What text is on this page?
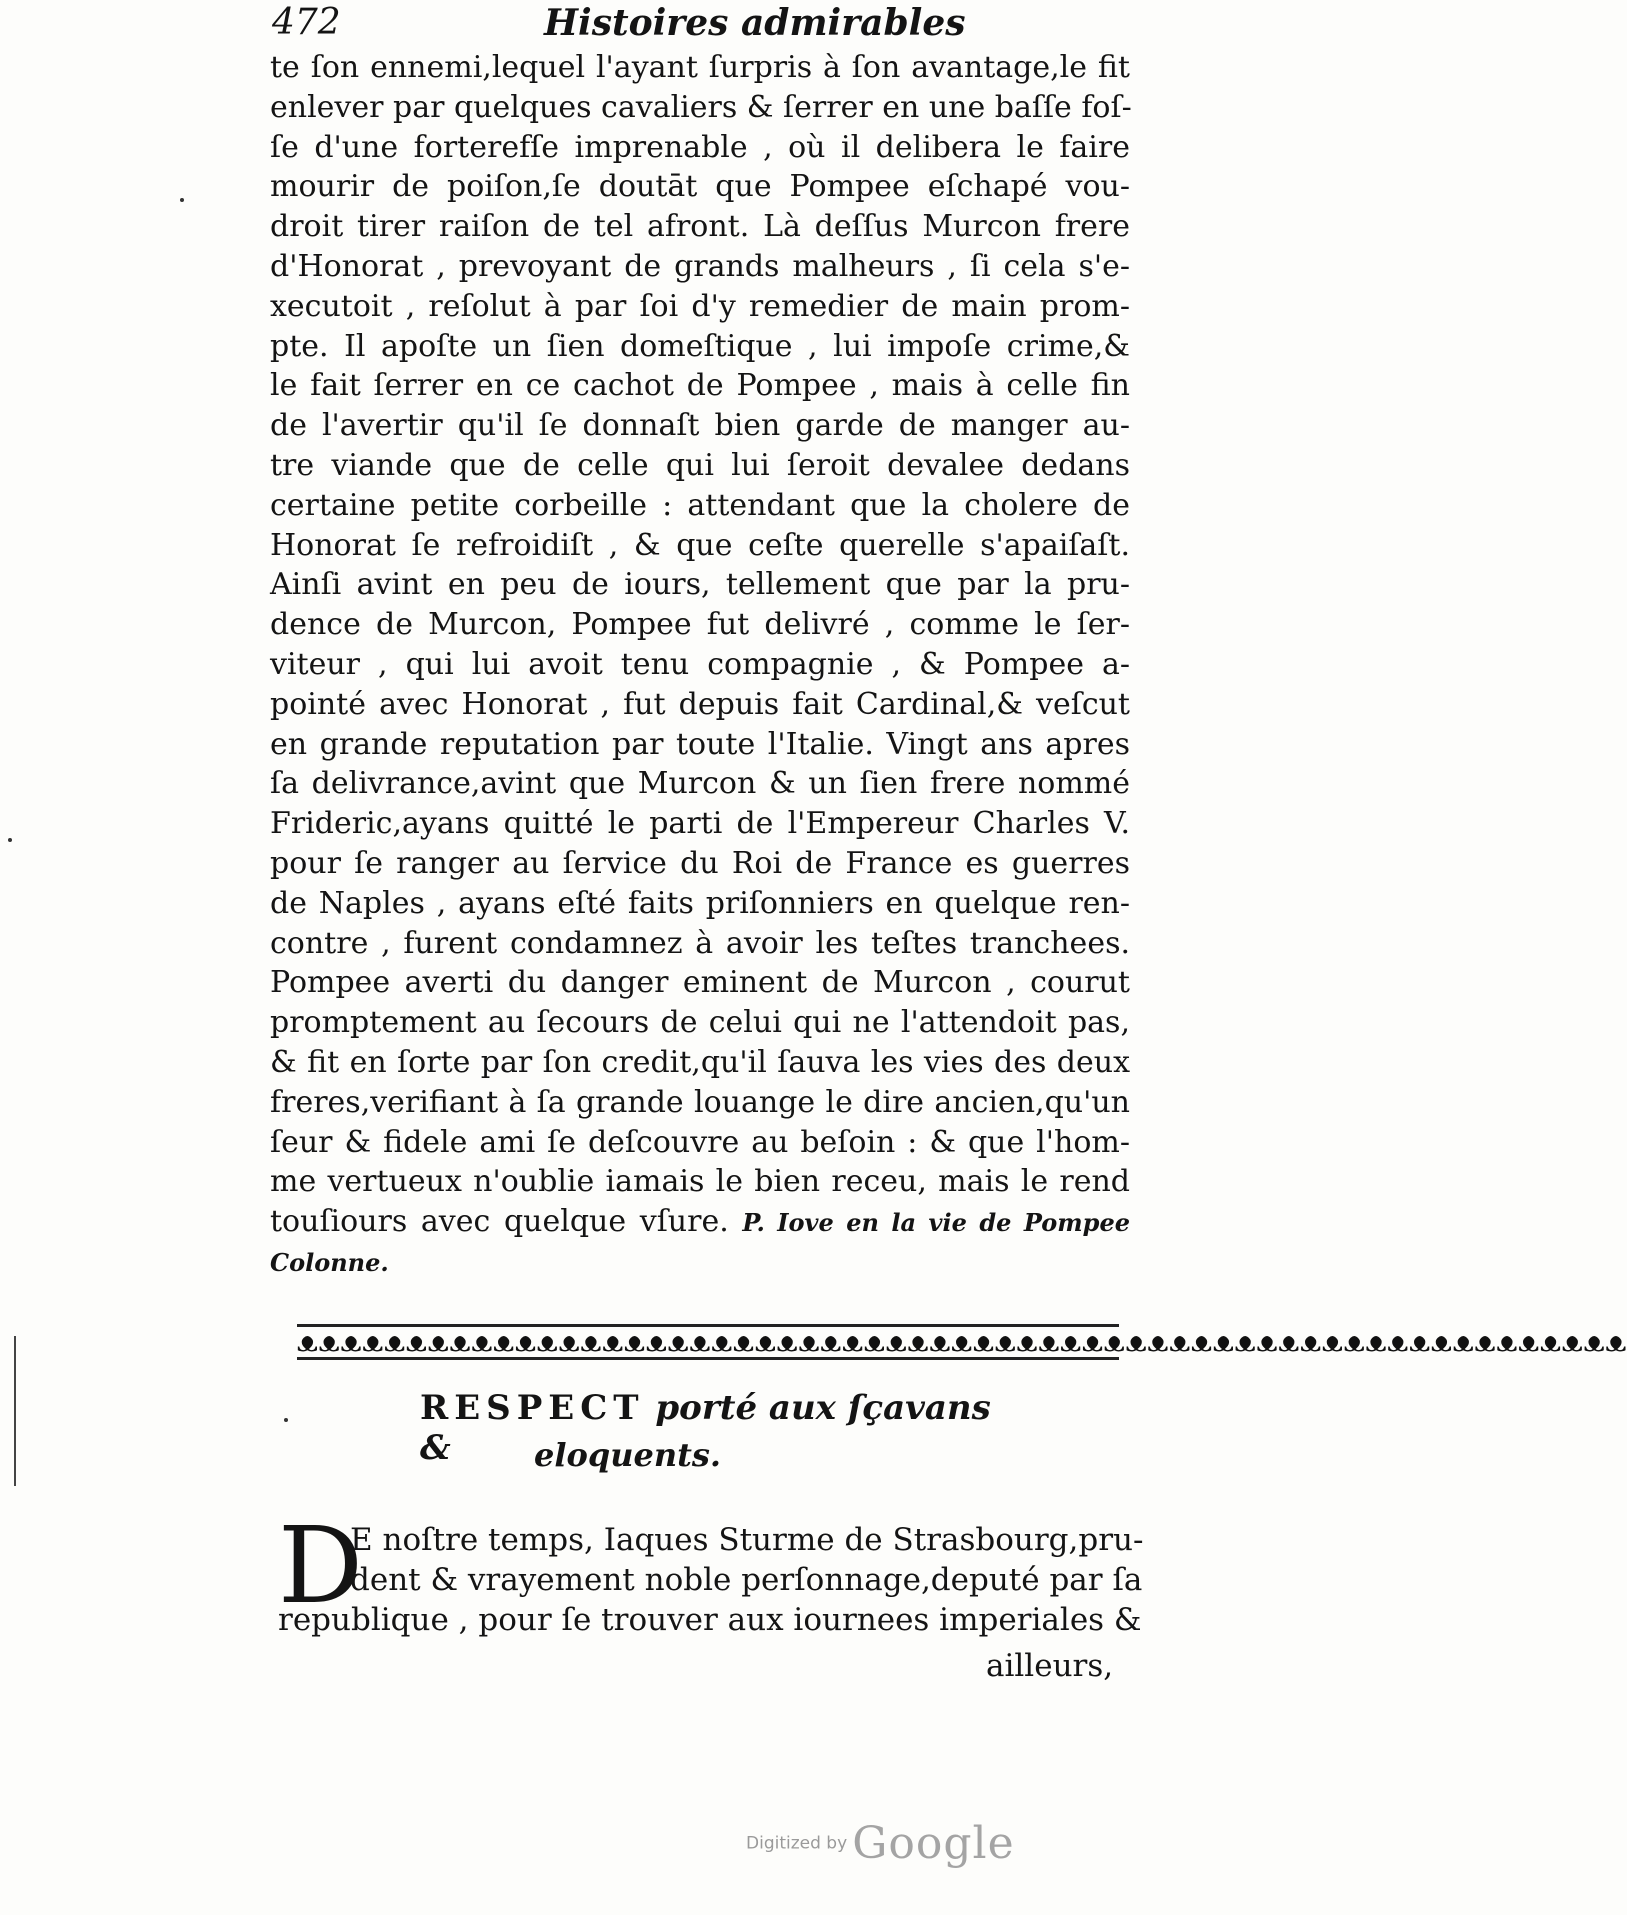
472	Histoires admirables
te ſon ennemi,lequel l'ayant ſurpris à ſon avantage,le fit
enlever par quelques cavaliers & ſerrer en une baſſe foſ-
ſe d'une forterefſe imprenable , où il delibera le faire
mourir de poiſon,ſe doutāt que Pompee eſchapé vou-
droit tirer raiſon de tel afront. Là deſſus Murcon frere
d'Honorat , prevoyant de grands malheurs , ſi cela s'e-
xecutoit , reſolut à par ſoi d'y remedier de main prom-
pte. Il apoſte un ſien domeſtique , lui impoſe crime,&
le fait ſerrer en ce cachot de Pompee , mais à celle fin
de l'avertir qu'il ſe donnaſt bien garde de manger au-
tre viande que de celle qui lui ſeroit devalee dedans
certaine petite corbeille : attendant que la cholere de
Honorat ſe refroidiſt , & que ceſte querelle s'apaiſaſt.
Ainſi avint en peu de iours, tellement que par la pru-
dence de Murcon, Pompee fut delivré , comme le ſer-
viteur , qui lui avoit tenu compagnie , & Pompee a-
pointé avec Honorat , fut depuis fait Cardinal,& veſcut
en grande reputation par toute l'Italie. Vingt ans apres
ſa delivrance,avint que Murcon & un ſien frere nommé
Frideric,ayans quitté le parti de l'Empereur Charles V.
pour ſe ranger au ſervice du Roi de France es guerres
de Naples , ayans eſté faits priſonniers en quelque ren-
contre , furent condamnez à avoir les teſtes tranchees.
Pompee averti du danger eminent de Murcon , courut
promptement au ſecours de celui qui ne l'attendoit pas,
& fit en ſorte par ſon credit,qu'il ſauva les vies des deux
freres,verifiant à ſa grande louange le dire ancien,qu'un
ſeur & fidele ami ſe deſcouvre au beſoin : & que l'hom-
me vertueux n'oublie iamais le bien receu, mais le rend
touſiours avec quelque vſure. P. Iove en la vie de Pompee
Colonne.
ᴥᴥᴥᴥᴥᴥᴥᴥᴥᴥᴥᴥᴥᴥᴥᴥᴥᴥᴥᴥᴥᴥᴥᴥᴥᴥᴥᴥᴥᴥᴥᴥᴥᴥᴥᴥᴥᴥᴥᴥᴥᴥᴥᴥᴥᴥᴥᴥᴥᴥᴥᴥᴥᴥᴥᴥᴥᴥᴥᴥᴥ
RESPECT porté aux ſçavans &	eloquents.
D
E noſtre temps, Iaques Sturme de Strasbourg,pru-
dent & vrayement noble perſonnage,deputé par ſa
republique , pour ſe trouver aux iournees imperiales &
ailleurs,
Digitized by Google
